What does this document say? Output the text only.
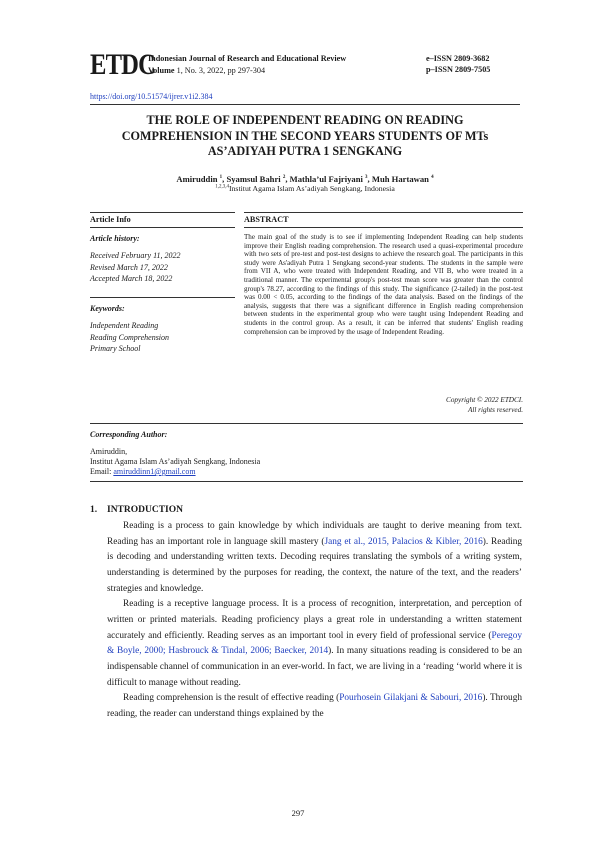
ETDC
Indonesian Journal of Research and Educational Review
Volume 1, No. 3, 2022, pp 297-304
e–ISSN 2809-3682
p–ISSN 2809-7505
https://doi.org/10.51574/ijrer.v1i2.384
THE ROLE OF INDEPENDENT READING ON READING
COMPREHENSION IN THE SECOND YEARS STUDENTS OF MTs
AS’ADIYAH PUTRA 1 SENGKANG
Amiruddin $^1$, Syamsul Bahri $^2$, Mathla’ul Fajriyani $^3$, Muh Hartawan $^4$
$^{1,2,3,4}$Institut Agama Islam As’adiyah Sengkang, Indonesia
Article Info	ABSTRACT
Article history:
Received February 11, 2022
Revised March 17, 2022
Accepted March 18, 2022
Keywords:
Independent Reading
Reading Comprehension
Primary School
The main goal of the study is to see if implementing Independent Reading can help students improve their English reading comprehension. The research used a quasi-experimental procedure with two sets of pre-test and post-test designs to achieve the research goal. The participants in this study were As'adiyah Putra 1 Sengkang second-year students. The students in the sample were from VII A, who were treated with Independent Reading, and VII B, who were treated in a traditional manner. The experimental group's post-test mean score was greater than the control group's 78.27, according to the findings of this study. The significance (2-tailed) in the post-test was 0.00 < 0.05, according to the findings of the data analysis. Based on the findings of the analysis, suggests that there was a significant difference in English reading comprehension between students in the experimental group who were taught using Independent Reading and students in the control group. As a result, it can be inferred that students' English reading comprehension can be improved by the usage of Independent Reading.
Copyright © 2022 ETDCI.
All rights reserved.
Corresponding Author:
Amiruddin,
Institut Agama Islam As’adiyah Sengkang, Indonesia
Email: amiruddinn1@gmail.com
1. INTRODUCTION

Reading is a process to gain knowledge by which individuals are taught to derive meaning from text. Reading has an important role in language skill mastery (Jang et al., 2015, Palacios & Kibler, 2016). Reading is decoding and understanding written texts. Decoding requires translating the symbols of a writing system, understanding is determined by the purposes for reading, the context, the nature of the text, and the readers’ strategies and knowledge.

Reading is a receptive language process. It is a process of recognition, interpretation, and perception of written or printed materials. Reading proficiency plays a great role in understanding a written statement accurately and efficiently. Reading serves as an important tool in every field of professional service (Peregoy & Boyle, 2000; Hasbrouck & Tindal, 2006; Baecker, 2014). In many situations reading is considered to be an indispensable channel of communication in an ever-world. In fact, we are living in a ‘reading ‘world where it is difficult to manage without reading.

Reading comprehension is the result of effective reading (Pourhosein Gilakjani & Sabouri, 2016). Through reading, the reader can understand things explained by the

297
